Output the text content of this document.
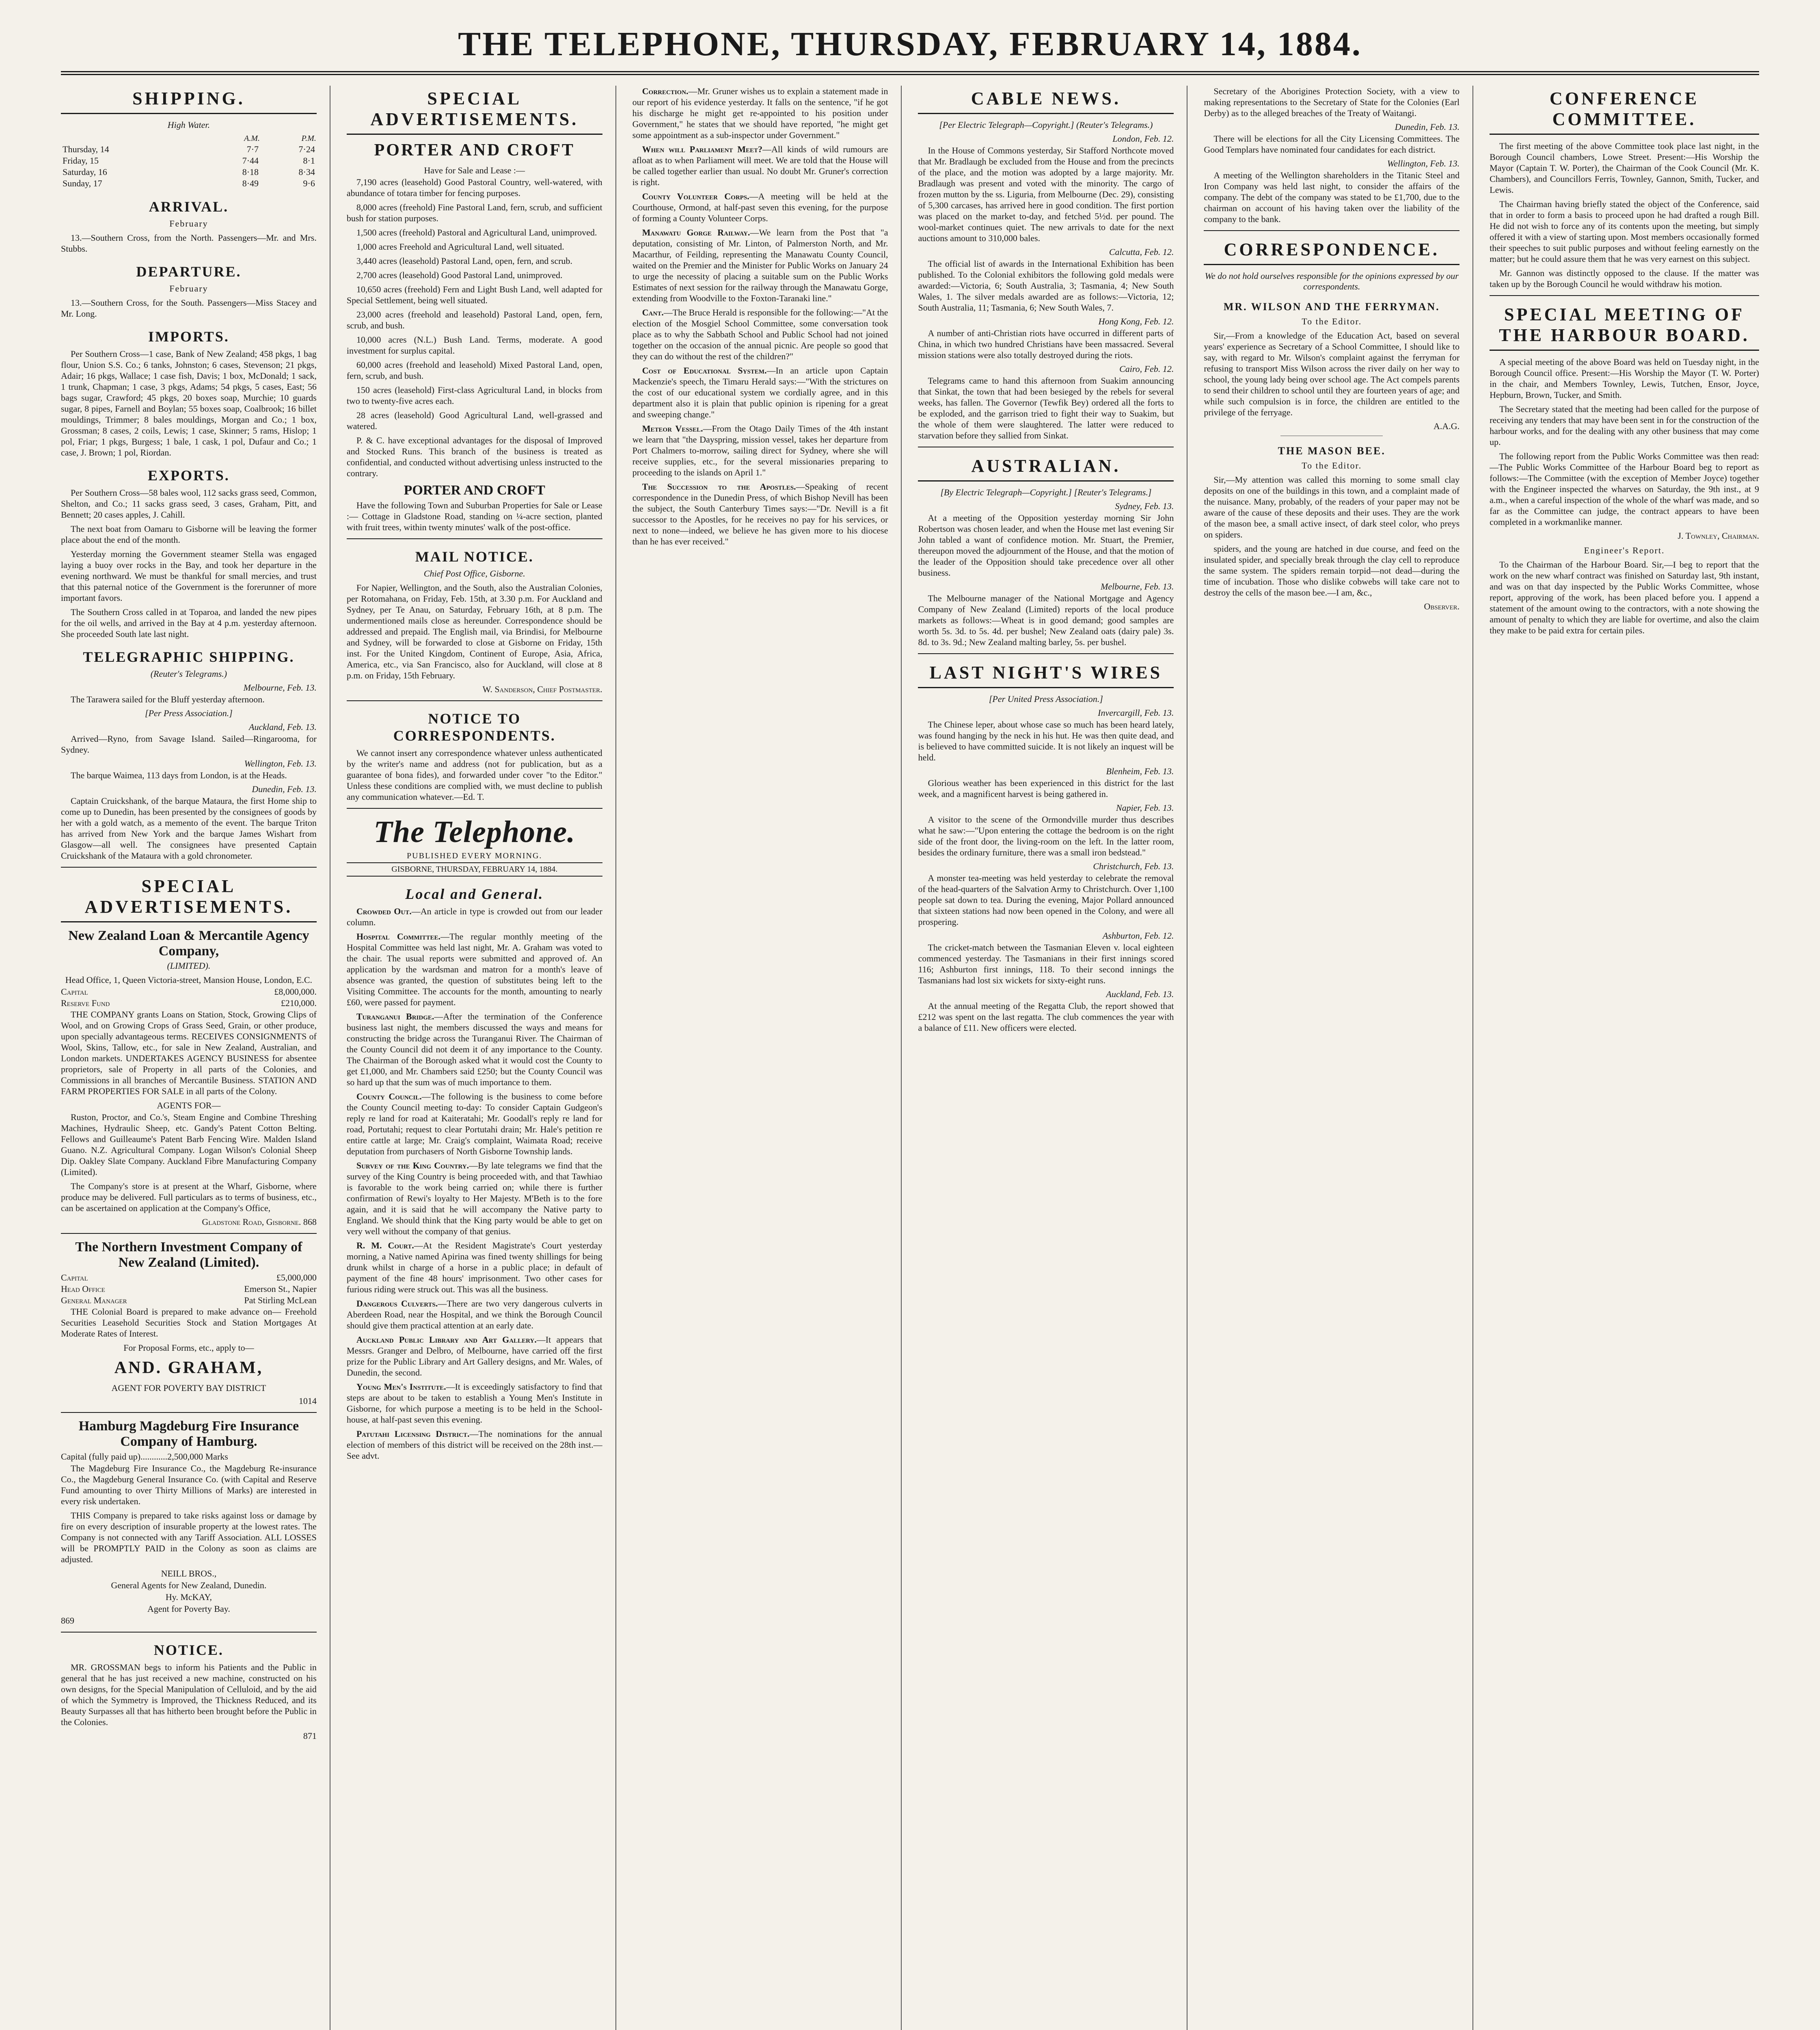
THE TELEPHONE, THURSDAY, FEBRUARY 14, 1884.
SHIPPING.
High Water.
	A.M.	P.M.
Thursday, 14	7·7	7·24
Friday, 15	7·44	8·1
Saturday, 16	8·18	8·34
Sunday, 17	8·49	9·6
ARRIVAL.
February

13.—Southern Cross, from the North. Passengers—Mr. and Mrs. Stubbs.

DEPARTURE.
February

13.—Southern Cross, for the South. Passengers—Miss Stacey and Mr. Long.

IMPORTS.

Per Southern Cross—1 case, Bank of New Zealand; 458 pkgs, 1 bag flour, Union S.S. Co.; 6 tanks, Johnston; 6 cases, Stevenson; 21 pkgs, Adair; 16 pkgs, Wallace; 1 case fish, Davis; 1 box, McDonald; 1 sack, 1 trunk, Chapman; 1 case, 3 pkgs, Adams; 54 pkgs, 5 cases, East; 56 bags sugar, Crawford; 45 pkgs, 20 boxes soap, Murchie; 10 guards sugar, 8 pipes, Farnell and Boylan; 55 boxes soap, Coalbrook; 16 billet mouldings, Trimmer; 8 bales mouldings, Morgan and Co.; 1 box, Grossman; 8 cases, 2 coils, Lewis; 1 case, Skinner; 5 rams, Hislop; 1 pol, Friar; 1 pkgs, Burgess; 1 bale, 1 cask, 1 pol, Dufaur and Co.; 1 case, J. Brown; 1 pol, Riordan.

EXPORTS.

Per Southern Cross—58 bales wool, 112 sacks grass seed, Common, Shelton, and Co.; 11 sacks grass seed, 3 cases, Graham, Pitt, and Bennett; 20 cases apples, J. Cahill.

The next boat from Oamaru to Gisborne will be leaving the former place about the end of the month.

Yesterday morning the Government steamer Stella was engaged laying a buoy over rocks in the Bay, and took her departure in the evening northward. We must be thankful for small mercies, and trust that this paternal notice of the Government is the forerunner of more important favors.

The Southern Cross called in at Toparoa, and landed the new pipes for the oil wells, and arrived in the Bay at 4 p.m. yesterday afternoon. She proceeded South late last night.

TELEGRAPHIC SHIPPING.
(Reuter's Telegrams.)
Melbourne, Feb. 13.

The Tarawera sailed for the Bluff yesterday afternoon.

[Per Press Association.]
Auckland, Feb. 13.

Arrived—Ryno, from Savage Island. Sailed—Ringarooma, for Sydney.

Wellington, Feb. 13.

The barque Waimea, 113 days from London, is at the Heads.

Dunedin, Feb. 13.

Captain Cruickshank, of the barque Mataura, the first Home ship to come up to Dunedin, has been presented by the consignees of goods by her with a gold watch, as a memento of the event. The barque Triton has arrived from New York and the barque James Wishart from Glasgow—all well. The consignees have presented Captain Cruickshank of the Mataura with a gold chronometer.

SPECIAL ADVERTISEMENTS.
New Zealand Loan & Mercantile Agency Company,
(LIMITED).
Head Office, 1, Queen Victoria-street, Mansion House, London, E.C.
Capital	£8,000,000.
Reserve Fund	£210,000.

THE COMPANY grants Loans on Station, Stock, Growing Clips of Wool, and on Growing Crops of Grass Seed, Grain, or other produce, upon specially advantageous terms. RECEIVES CONSIGNMENTS of Wool, Skins, Tallow, etc., for sale in New Zealand, Australian, and London markets. UNDERTAKES AGENCY BUSINESS for absentee proprietors, sale of Property in all parts of the Colonies, and Commissions in all branches of Mercantile Business. STATION AND FARM PROPERTIES FOR SALE in all parts of the Colony.

AGENTS FOR—

Ruston, Proctor, and Co.'s, Steam Engine and Combine Threshing Machines, Hydraulic Sheep, etc. Gandy's Patent Cotton Belting. Fellows and Guilleaume's Patent Barb Fencing Wire. Malden Island Guano. N.Z. Agricultural Company. Logan Wilson's Colonial Sheep Dip. Oakley Slate Company. Auckland Fibre Manufacturing Company (Limited).

The Company's store is at present at the Wharf, Gisborne, where produce may be delivered. Full particulars as to terms of business, etc., can be ascertained on application at the Company's Office,

Gladstone Road, Gisborne. 868
The Northern Investment Company of New Zealand (Limited).
Capital	£5,000,000
Head Office	Emerson St., Napier
General Manager	Pat Stirling McLean

THE Colonial Board is prepared to make advance on— Freehold Securities Leasehold Securities Stock and Station Mortgages At Moderate Rates of Interest.

For Proposal Forms, etc., apply to—
AND. GRAHAM,
AGENT FOR POVERTY BAY DISTRICT
1014
Hamburg Magdeburg Fire Insurance Company of Hamburg.
Capital (fully paid up)............2,500,000 Marks

The Magdeburg Fire Insurance Co., the Magdeburg Re-insurance Co., the Magdeburg General Insurance Co. (with Capital and Reserve Fund amounting to over Thirty Millions of Marks) are interested in every risk undertaken.

THIS Company is prepared to take risks against loss or damage by fire on every description of insurable property at the lowest rates. The Company is not connected with any Tariff Association. ALL LOSSES will be PROMPTLY PAID in the Colony as soon as claims are adjusted.

NEILL BROS.,
General Agents for New Zealand, Dunedin.
Hy. McKAY,
Agent for Poverty Bay.
869
NOTICE.

MR. GROSSMAN begs to inform his Patients and the Public in general that he has just received a new machine, constructed on his own designs, for the Special Manipulation of Celluloid, and by the aid of which the Symmetry is Improved, the Thickness Reduced, and its Beauty Surpasses all that has hitherto been brought before the Public in the Colonies.

871
SPECIAL ADVERTISEMENTS.
PORTER AND CROFT
Have for Sale and Lease :—

7,190 acres (leasehold) Good Pastoral Country, well-watered, with abundance of totara timber for fencing purposes.

8,000 acres (freehold) Fine Pastoral Land, fern, scrub, and sufficient bush for station purposes.

1,500 acres (freehold) Pastoral and Agricultural Land, unimproved.

1,000 acres Freehold and Agricultural Land, well situated.

3,440 acres (leasehold) Pastoral Land, open, fern, and scrub.

2,700 acres (leasehold) Good Pastoral Land, unimproved.

10,650 acres (freehold) Fern and Light Bush Land, well adapted for Special Settlement, being well situated.

23,000 acres (freehold and leasehold) Pastoral Land, open, fern, scrub, and bush.

10,000 acres (N.L.) Bush Land. Terms, moderate. A good investment for surplus capital.

60,000 acres (freehold and leasehold) Mixed Pastoral Land, open, fern, scrub, and bush.

150 acres (leasehold) First-class Agricultural Land, in blocks from two to twenty-five acres each.

28 acres (leasehold) Good Agricultural Land, well-grassed and watered.

P. & C. have exceptional advantages for the disposal of Improved and Stocked Runs. This branch of the business is treated as confidential, and conducted without advertising unless instructed to the contrary.

PORTER AND CROFT

Have the following Town and Suburban Properties for Sale or Lease :— Cottage in Gladstone Road, standing on ¼-acre section, planted with fruit trees, within twenty minutes' walk of the post-office.

MAIL NOTICE.
Chief Post Office, Gisborne.

For Napier, Wellington, and the South, also the Australian Colonies, per Rotomahana, on Friday, Feb. 15th, at 3.30 p.m. For Auckland and Sydney, per Te Anau, on Saturday, February 16th, at 8 p.m. The undermentioned mails close as hereunder. Correspondence should be addressed and prepaid. The English mail, via Brindisi, for Melbourne and Sydney, will be forwarded to close at Gisborne on Friday, 15th inst. For the United Kingdom, Continent of Europe, Asia, Africa, America, etc., via San Francisco, also for Auckland, will close at 8 p.m. on Friday, 15th February.

W. Sanderson, Chief Postmaster.
NOTICE TO CORRESPONDENTS.

We cannot insert any correspondence whatever unless authenticated by the writer's name and address (not for publication, but as a guarantee of bona fides), and forwarded under cover "to the Editor." Unless these conditions are complied with, we must decline to publish any communication whatever.—Ed. T.

The Telephone.
PUBLISHED EVERY MORNING.
GISBORNE, THURSDAY, FEBRUARY 14, 1884.
Local and General.

Crowded Out.—An article in type is crowded out from our leader column.

Hospital Committee.—The regular monthly meeting of the Hospital Committee was held last night, Mr. A. Graham was voted to the chair. The usual reports were submitted and approved of. An application by the wardsman and matron for a month's leave of absence was granted, the question of substitutes being left to the Visiting Committee. The accounts for the month, amounting to nearly £60, were passed for payment.

Turanganui Bridge.—After the termination of the Conference business last night, the members discussed the ways and means for constructing the bridge across the Turanganui River. The Chairman of the County Council did not deem it of any importance to the County. The Chairman of the Borough asked what it would cost the County to get £1,000, and Mr. Chambers said £250; but the County Council was so hard up that the sum was of much importance to them.

County Council.—The following is the business to come before the County Council meeting to-day: To consider Captain Gudgeon's reply re land for road at Kaiteratahi; Mr. Goodall's reply re land for road, Portutahi; request to clear Portutahi drain; Mr. Hale's petition re entire cattle at large; Mr. Craig's complaint, Waimata Road; receive deputation from purchasers of North Gisborne Township lands.

Survey of the King Country.—By late telegrams we find that the survey of the King Country is being proceeded with, and that Tawhiao is favorable to the work being carried on; while there is further confirmation of Rewi's loyalty to Her Majesty. M'Beth is to the fore again, and it is said that he will accompany the Native party to England. We should think that the King party would be able to get on very well without the company of that genius.

R. M. Court.—At the Resident Magistrate's Court yesterday morning, a Native named Apirina was fined twenty shillings for being drunk whilst in charge of a horse in a public place; in default of payment of the fine 48 hours' imprisonment. Two other cases for furious riding were struck out. This was all the business.

Dangerous Culverts.—There are two very dangerous culverts in Aberdeen Road, near the Hospital, and we think the Borough Council should give them practical attention at an early date.

Auckland Public Library and Art Gallery.—It appears that Messrs. Granger and Delbro, of Melbourne, have carried off the first prize for the Public Library and Art Gallery designs, and Mr. Wales, of Dunedin, the second.

Young Men's Institute.—It is exceedingly satisfactory to find that steps are about to be taken to establish a Young Men's Institute in Gisborne, for which purpose a meeting is to be held in the School-house, at half-past seven this evening.

Patutahi Licensing District.—The nominations for the annual election of members of this district will be received on the 28th inst.—See advt.

Correction.—Mr. Gruner wishes us to explain a statement made in our report of his evidence yesterday. It falls on the sentence, "if he got his discharge he might get re-appointed to his position under Government," he states that we should have reported, "he might get some appointment as a sub-inspector under Government."

When will Parliament Meet?—All kinds of wild rumours are afloat as to when Parliament will meet. We are told that the House will be called together earlier than usual. No doubt Mr. Gruner's correction is right.

County Volunteer Corps.—A meeting will be held at the Courthouse, Ormond, at half-past seven this evening, for the purpose of forming a County Volunteer Corps.

Manawatu Gorge Railway.—We learn from the Post that "a deputation, consisting of Mr. Linton, of Palmerston North, and Mr. Macarthur, of Feilding, representing the Manawatu County Council, waited on the Premier and the Minister for Public Works on January 24 to urge the necessity of placing a suitable sum on the Public Works Estimates of next session for the railway through the Manawatu Gorge, extending from Woodville to the Foxton-Taranaki line."

Cant.—The Bruce Herald is responsible for the following:—"At the election of the Mosgiel School Committee, some conversation took place as to why the Sabbath School and Public School had not joined together on the occasion of the annual picnic. Are people so good that they can do without the rest of the children?"

Cost of Educational System.—In an article upon Captain Mackenzie's speech, the Timaru Herald says:—"With the strictures on the cost of our educational system we cordially agree, and in this department also it is plain that public opinion is ripening for a great and sweeping change."

Meteor Vessel.—From the Otago Daily Times of the 4th instant we learn that "the Dayspring, mission vessel, takes her departure from Port Chalmers to-morrow, sailing direct for Sydney, where she will receive supplies, etc., for the several missionaries preparing to proceeding to the islands on April 1."

The Succession to the Apostles.—Speaking of recent correspondence in the Dunedin Press, of which Bishop Nevill has been the subject, the South Canterbury Times says:—"Dr. Nevill is a fit successor to the Apostles, for he receives no pay for his services, or next to none—indeed, we believe he has given more to his diocese than he has ever received."

CABLE NEWS.
[Per Electric Telegraph—Copyright.] (Reuter's Telegrams.)
London, Feb. 12.

In the House of Commons yesterday, Sir Stafford Northcote moved that Mr. Bradlaugh be excluded from the House and from the precincts of the place, and the motion was adopted by a large majority. Mr. Bradlaugh was present and voted with the minority. The cargo of frozen mutton by the ss. Liguria, from Melbourne (Dec. 29), consisting of 5,300 carcases, has arrived here in good condition. The first portion was placed on the market to-day, and fetched 5½d. per pound. The wool-market continues quiet. The new arrivals to date for the next auctions amount to 310,000 bales.

Calcutta, Feb. 12.

The official list of awards in the International Exhibition has been published. To the Colonial exhibitors the following gold medals were awarded:—Victoria, 6; South Australia, 3; Tasmania, 4; New South Wales, 1. The silver medals awarded are as follows:—Victoria, 12; South Australia, 11; Tasmania, 6; New South Wales, 7.

Hong Kong, Feb. 12.

A number of anti-Christian riots have occurred in different parts of China, in which two hundred Christians have been massacred. Several mission stations were also totally destroyed during the riots.

Cairo, Feb. 12.

Telegrams came to hand this afternoon from Suakim announcing that Sinkat, the town that had been besieged by the rebels for several weeks, has fallen. The Governor (Tewfik Bey) ordered all the forts to be exploded, and the garrison tried to fight their way to Suakim, but the whole of them were slaughtered. The latter were reduced to starvation before they sallied from Sinkat.

AUSTRALIAN.
[By Electric Telegraph—Copyright.] [Reuter's Telegrams.]
Sydney, Feb. 13.

At a meeting of the Opposition yesterday morning Sir John Robertson was chosen leader, and when the House met last evening Sir John tabled a want of confidence motion. Mr. Stuart, the Premier, thereupon moved the adjournment of the House, and that the motion of the leader of the Opposition should take precedence over all other business.

Melbourne, Feb. 13.

The Melbourne manager of the National Mortgage and Agency Company of New Zealand (Limited) reports of the local produce markets as follows:—Wheat is in good demand; good samples are worth 5s. 3d. to 5s. 4d. per bushel; New Zealand oats (dairy pale) 3s. 8d. to 3s. 9d.; New Zealand malting barley, 5s. per bushel.

LAST NIGHT'S WIRES
[Per United Press Association.]
Invercargill, Feb. 13.

The Chinese leper, about whose case so much has been heard lately, was found hanging by the neck in his hut. He was then quite dead, and is believed to have committed suicide. It is not likely an inquest will be held.

Blenheim, Feb. 13.

Glorious weather has been experienced in this district for the last week, and a magnificent harvest is being gathered in.

Napier, Feb. 13.

A visitor to the scene of the Ormondville murder thus describes what he saw:—"Upon entering the cottage the bedroom is on the right side of the front door, the living-room on the left. In the latter room, besides the ordinary furniture, there was a small iron bedstead."

Christchurch, Feb. 13.

A monster tea-meeting was held yesterday to celebrate the removal of the head-quarters of the Salvation Army to Christchurch. Over 1,100 people sat down to tea. During the evening, Major Pollard announced that sixteen stations had now been opened in the Colony, and were all prospering.

Ashburton, Feb. 12.

The cricket-match between the Tasmanian Eleven v. local eighteen commenced yesterday. The Tasmanians in their first innings scored 116; Ashburton first innings, 118. To their second innings the Tasmanians had lost six wickets for sixty-eight runs.

Auckland, Feb. 13.

At the annual meeting of the Regatta Club, the report showed that £212 was spent on the last regatta. The club commences the year with a balance of £11. New officers were elected.

Secretary of the Aborigines Protection Society, with a view to making representations to the Secretary of State for the Colonies (Earl Derby) as to the alleged breaches of the Treaty of Waitangi.

Dunedin, Feb. 13.

There will be elections for all the City Licensing Committees. The Good Templars have nominated four candidates for each district.

Wellington, Feb. 13.

A meeting of the Wellington shareholders in the Titanic Steel and Iron Company was held last night, to consider the affairs of the company. The debt of the company was stated to be £1,700, due to the chairman on account of his having taken over the liability of the company to the bank.

CORRESPONDENCE.
We do not hold ourselves responsible for the opinions expressed by our correspondents.
MR. WILSON AND THE FERRYMAN.
To the Editor.

Sir,—From a knowledge of the Education Act, based on several years' experience as Secretary of a School Committee, I should like to say, with regard to Mr. Wilson's complaint against the ferryman for refusing to transport Miss Wilson across the river daily on her way to school, the young lady being over school age. The Act compels parents to send their children to school until they are fourteen years of age; and while such compulsion is in force, the children are entitled to the privilege of the ferryage.

A.A.G.
THE MASON BEE.
To the Editor.

Sir,—My attention was called this morning to some small clay deposits on one of the buildings in this town, and a complaint made of the nuisance. Many, probably, of the readers of your paper may not be aware of the cause of these deposits and their uses. They are the work of the mason bee, a small active insect, of dark steel color, who preys on spiders.

spiders, and the young are hatched in due course, and feed on the insulated spider, and specially break through the clay cell to reproduce the same system. The spiders remain torpid—not dead—during the time of incubation. Those who dislike cobwebs will take care not to destroy the cells of the mason bee.—I am, &c.,

Observer.
CONFERENCE COMMITTEE.

The first meeting of the above Committee took place last night, in the Borough Council chambers, Lowe Street. Present:—His Worship the Mayor (Captain T. W. Porter), the Chairman of the Cook Council (Mr. K. Chambers), and Councillors Ferris, Townley, Gannon, Smith, Tucker, and Lewis.

The Chairman having briefly stated the object of the Conference, said that in order to form a basis to proceed upon he had drafted a rough Bill. He did not wish to force any of its contents upon the meeting, but simply offered it with a view of starting upon. Most members occasionally formed their speeches to suit public purposes and without feeling earnestly on the matter; but he could assure them that he was very earnest on this subject.

Mr. Gannon was distinctly opposed to the clause. If the matter was taken up by the Borough Council he would withdraw his motion.

SPECIAL MEETING OF THE HARBOUR BOARD.

A special meeting of the above Board was held on Tuesday night, in the Borough Council office. Present:—His Worship the Mayor (T. W. Porter) in the chair, and Members Townley, Lewis, Tutchen, Ensor, Joyce, Hepburn, Brown, Tucker, and Smith.

The Secretary stated that the meeting had been called for the purpose of receiving any tenders that may have been sent in for the construction of the harbour works, and for the dealing with any other business that may come up.

The following report from the Public Works Committee was then read:—The Public Works Committee of the Harbour Board beg to report as follows:—The Committee (with the exception of Member Joyce) together with the Engineer inspected the wharves on Saturday, the 9th inst., at 9 a.m., when a careful inspection of the whole of the wharf was made, and so far as the Committee can judge, the contract appears to have been completed in a workmanlike manner.

J. Townley, Chairman.
Engineer's Report.

To the Chairman of the Harbour Board. Sir,—I beg to report that the work on the new wharf contract was finished on Saturday last, 9th instant, and was on that day inspected by the Public Works Committee, whose report, approving of the work, has been placed before you. I append a statement of the amount owing to the contractors, with a note showing the amount of penalty to which they are liable for overtime, and also the claim they make to be paid extra for certain piles.
